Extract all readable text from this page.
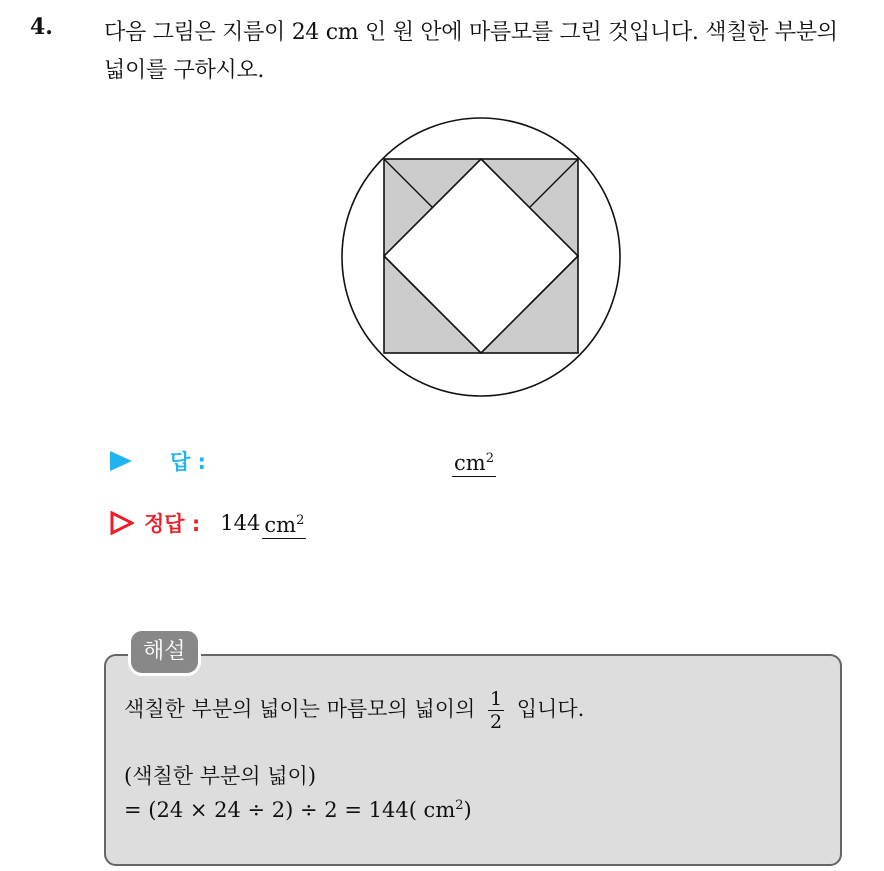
4. 다음 그림은 지름이 24 cm 인 원 안에 마름모를 그린 것입니다. 색칠한 부분의 넓이를 구하시오.
답 :	$cm^2$
정답 : 144 $cm^2$
해설
색칠한 부분의 넓이는 마름모의 넓이의 $\frac{1}{2}$ 입니다.
(색칠한 부분의 넓이)
= (24 × 24 ÷ 2) ÷ 2 = 144( $cm^2$)
